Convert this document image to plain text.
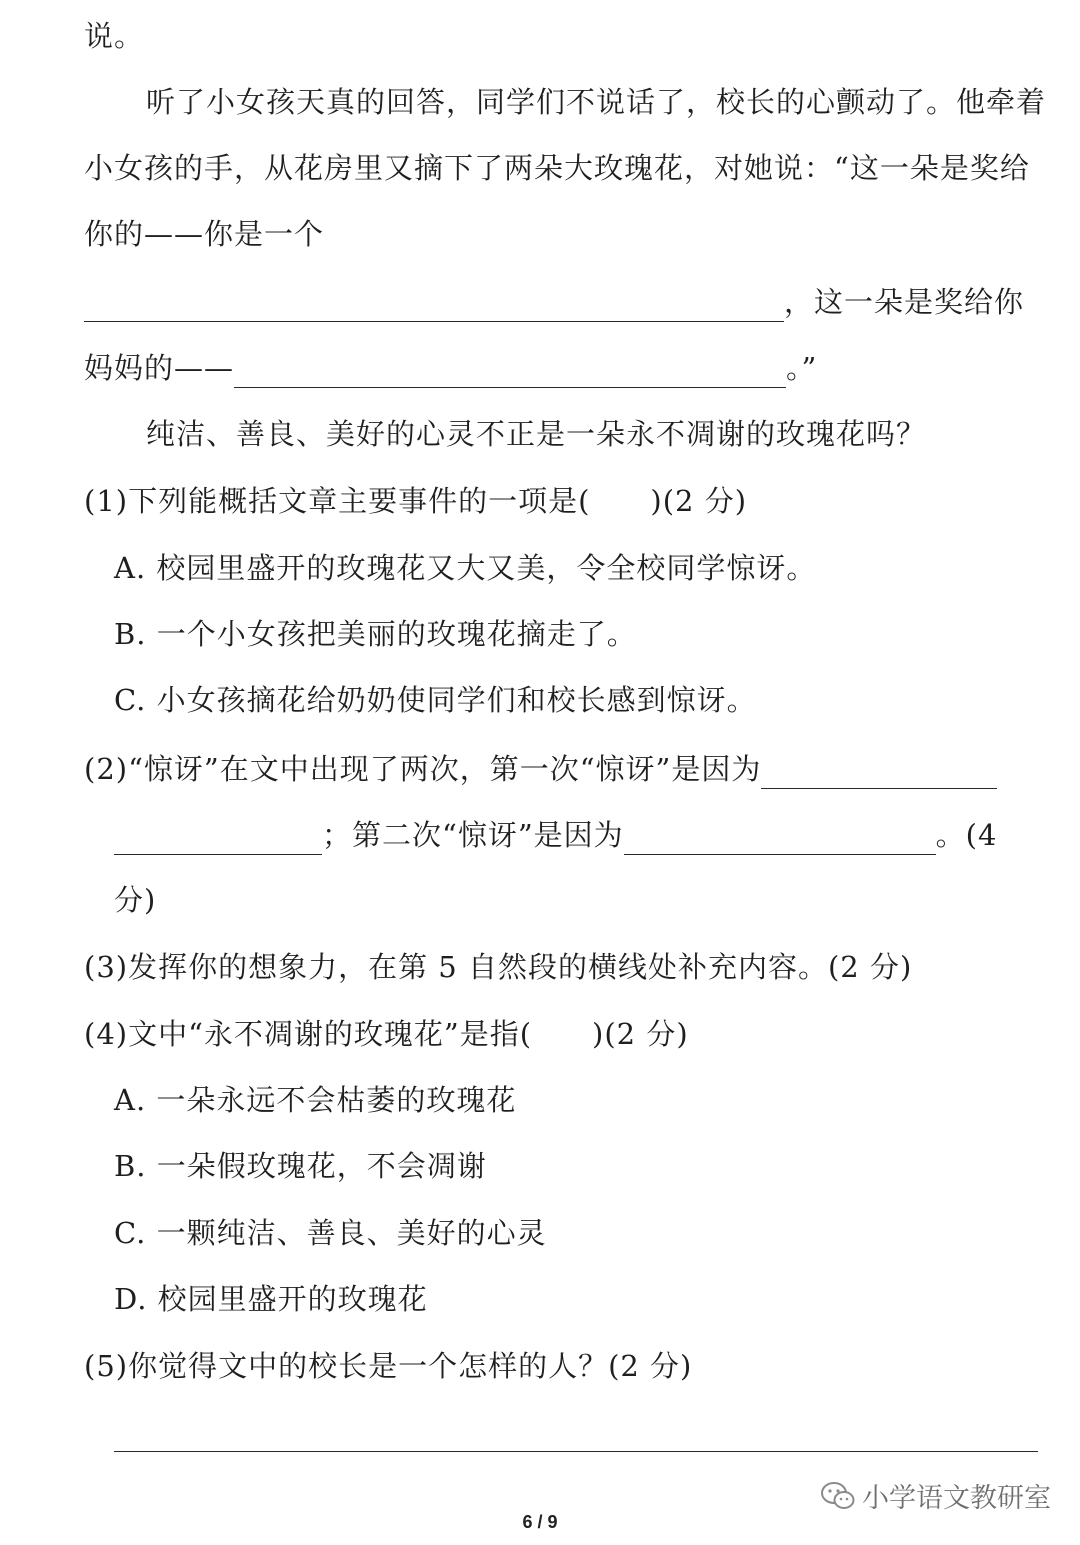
说。
听了小女孩天真的回答，同学们不说话了，校长的心颤动了。他牵着
小女孩的手，从花房里又摘下了两朵大玫瑰花，对她说：“这一朵是奖给
你的——你是一个
，这一朵是奖给你
妈妈的——	。”
纯洁、善良、美好的心灵不正是一朵永不凋谢的玫瑰花吗？
(1)下列能概括文章主要事件的一项是(　　)(2 分)
A. 校园里盛开的玫瑰花又大又美，令全校同学惊讶。
B. 一个小女孩把美丽的玫瑰花摘走了。
C. 小女孩摘花给奶奶使同学们和校长感到惊讶。
(2)“惊讶”在文中出现了两次，第一次“惊讶”是因为
；第二次“惊讶”是因为	。(4
分)
(3)发挥你的想象力，在第 5 自然段的横线处补充内容。(2 分)
(4)文中“永不凋谢的玫瑰花”是指(　　)(2 分)
A. 一朵永远不会枯萎的玫瑰花
B. 一朵假玫瑰花，不会凋谢
C. 一颗纯洁、善良、美好的心灵
D. 校园里盛开的玫瑰花
(5)你觉得文中的校长是一个怎样的人？(2 分)
小学语文教研室
6 / 9
